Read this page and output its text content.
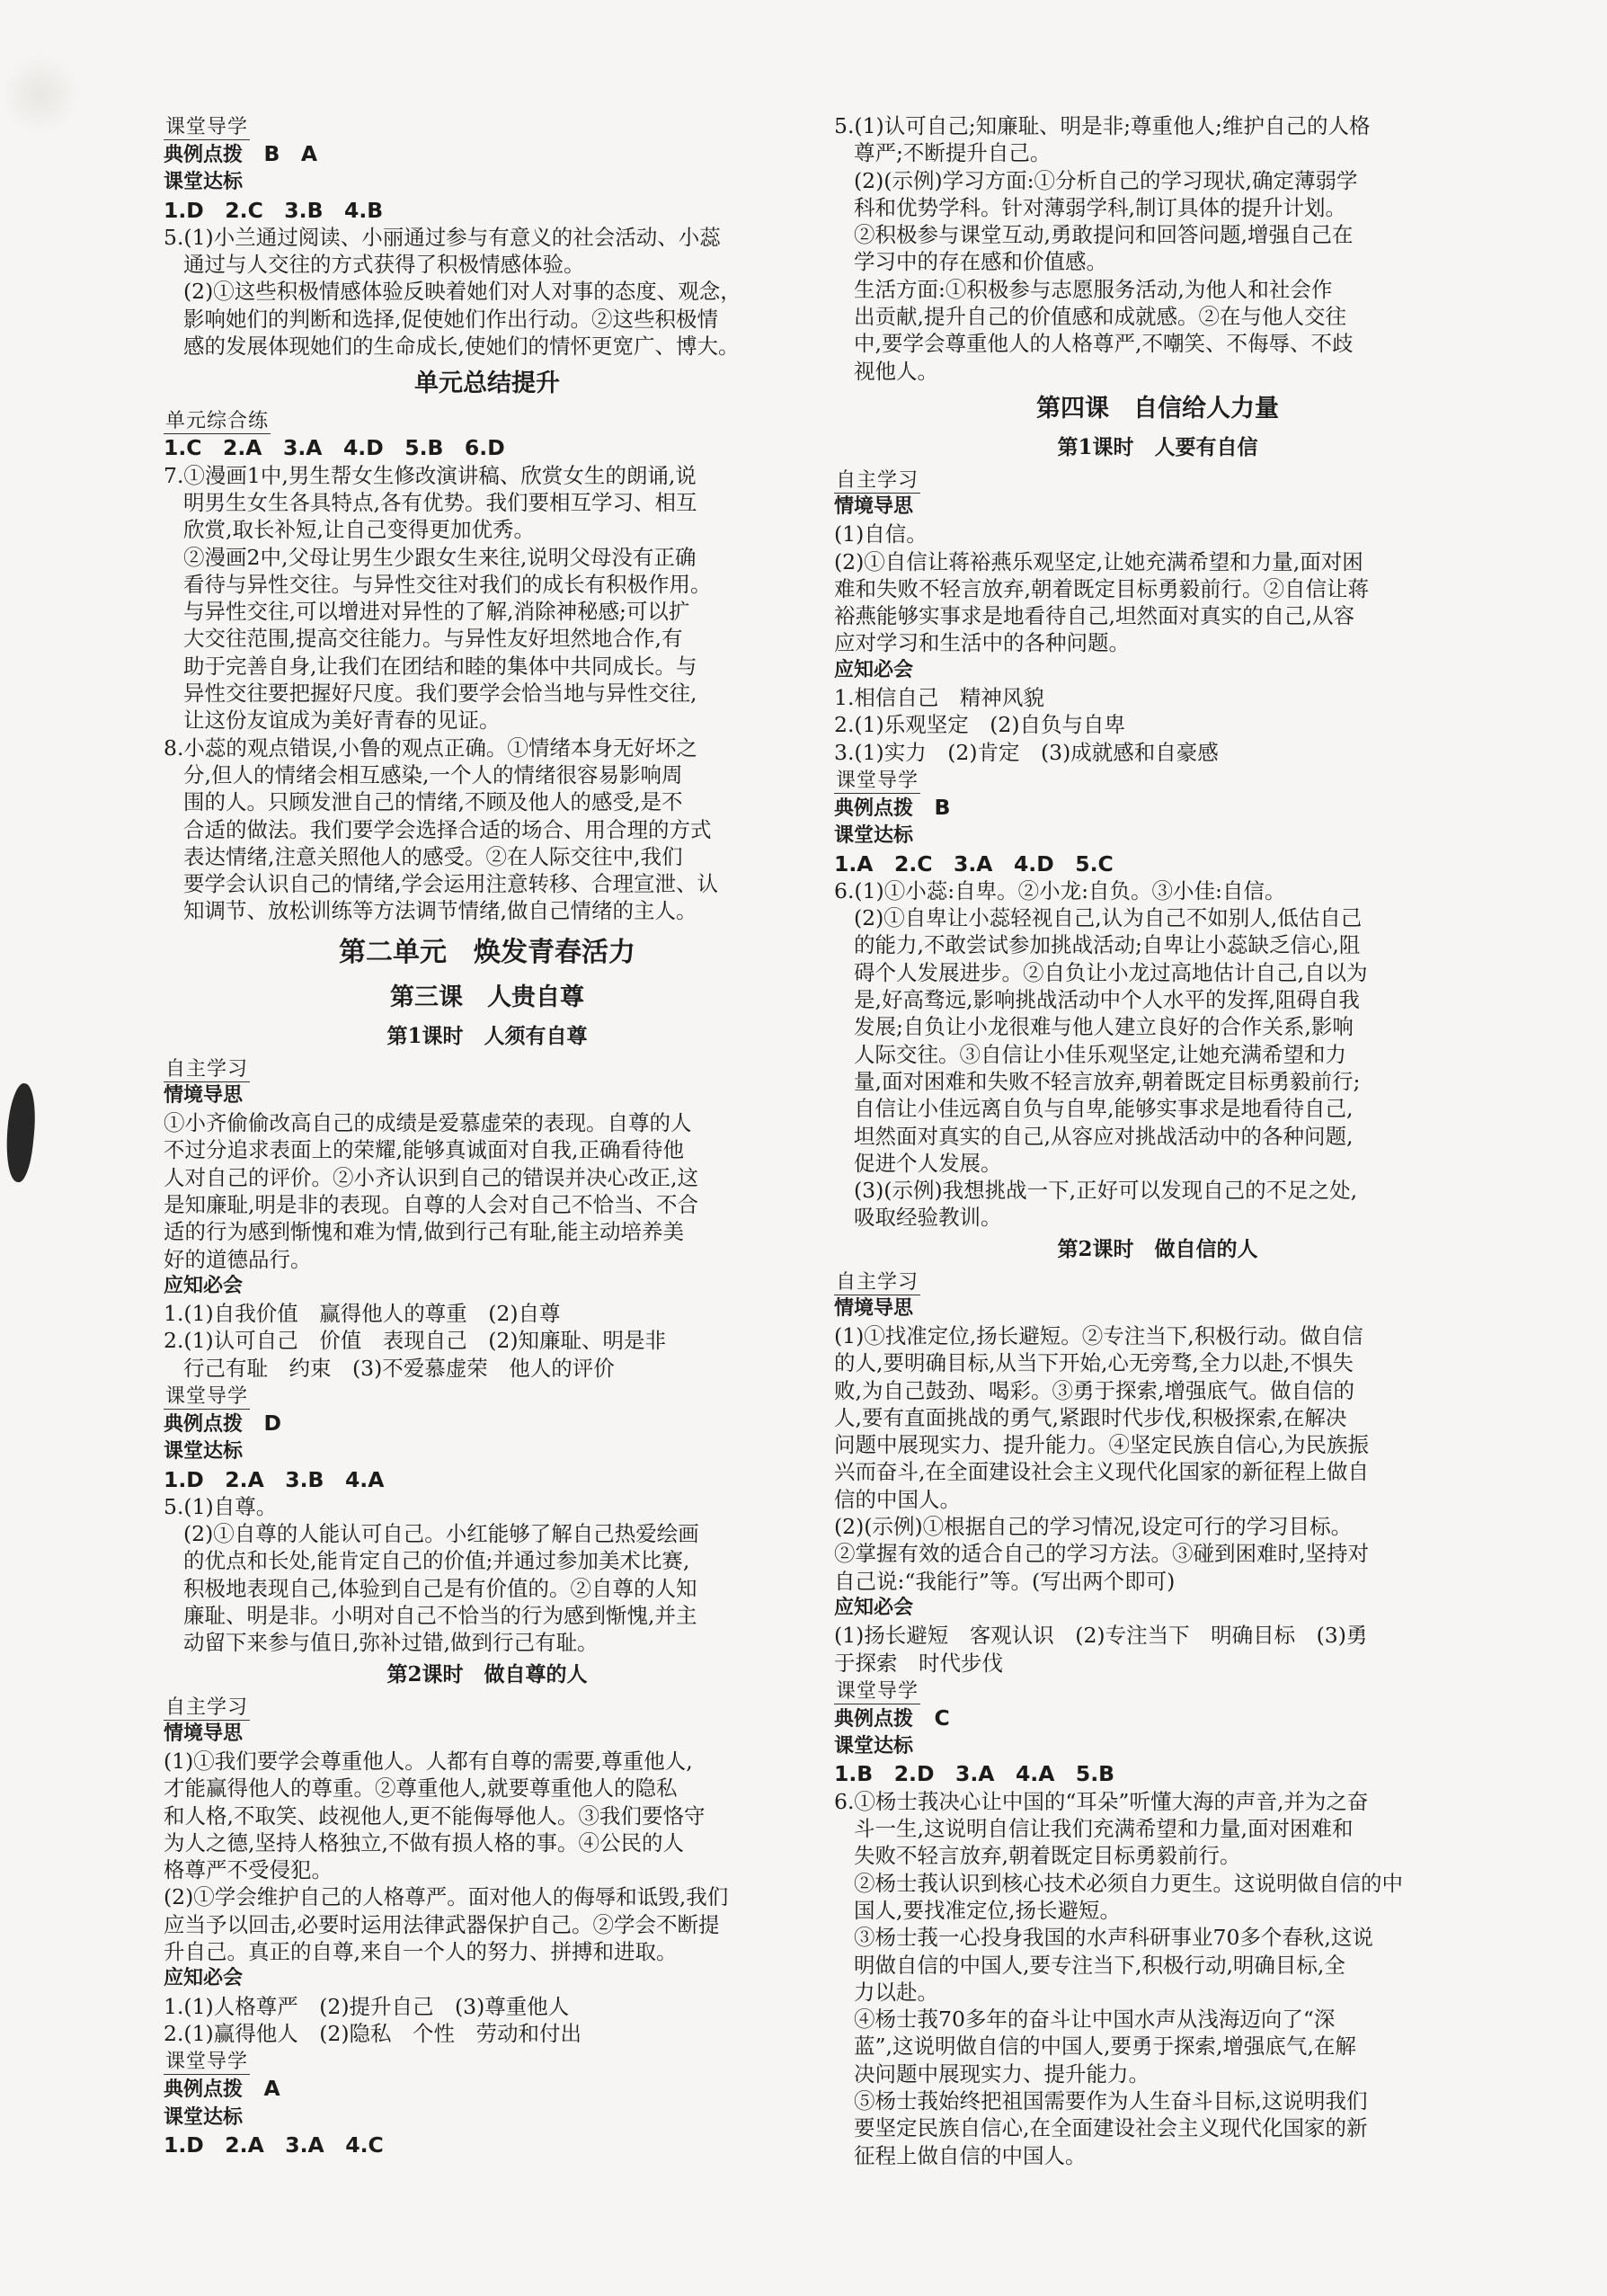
课堂导学
典例点拨　 B　A
课堂达标
1.D　2.C　3.B　4.B
5.(1)小兰通过阅读、小丽通过参与有意义的社会活动、小蕊
通过与人交往的方式获得了积极情感体验。
(2)①这些积极情感体验反映着她们对人对事的态度、观念，
影响她们的判断和选择,促使她们作出行动。②这些积极情
感的发展体现她们的生命成长,使她们的情怀更宽广、博大。
单元总结提升
单元综合练
1.C　2.A　3.A　4.D　5.B　6.D
7.①漫画1中,男生帮女生修改演讲稿、欣赏女生的朗诵,说
明男生女生各具特点,各有优势。我们要相互学习、相互
欣赏,取长补短,让自己变得更加优秀。
②漫画2中,父母让男生少跟女生来往,说明父母没有正确
看待与异性交往。与异性交往对我们的成长有积极作用。
与异性交往,可以增进对异性的了解,消除神秘感;可以扩
大交往范围,提高交往能力。与异性友好坦然地合作,有
助于完善自身,让我们在团结和睦的集体中共同成长。与
异性交往要把握好尺度。我们要学会恰当地与异性交往,
让这份友谊成为美好青春的见证。
8.小蕊的观点错误,小鲁的观点正确。①情绪本身无好坏之
分,但人的情绪会相互感染,一个人的情绪很容易影响周
围的人。只顾发泄自己的情绪,不顾及他人的感受,是不
合适的做法。我们要学会选择合适的场合、用合理的方式
表达情绪,注意关照他人的感受。②在人际交往中,我们
要学会认识自己的情绪,学会运用注意转移、合理宣泄、认
知调节、放松训练等方法调节情绪,做自己情绪的主人。
第二单元　焕发青春活力
第三课　人贵自尊
第1课时　人须有自尊
自主学习
情境导思
①小齐偷偷改高自己的成绩是爱慕虚荣的表现。自尊的人
不过分追求表面上的荣耀,能够真诚面对自我,正确看待他
人对自己的评价。②小齐认识到自己的错误并决心改正,这
是知廉耻,明是非的表现。自尊的人会对自己不恰当、不合
适的行为感到惭愧和难为情,做到行己有耻,能主动培养美
好的道德品行。
应知必会
1.(1)自我价值　赢得他人的尊重　(2)自尊
2.(1)认可自己　价值　表现自己　(2)知廉耻、明是非
行己有耻　约束　(3)不爱慕虚荣　他人的评价
课堂导学
典例点拨　 D
课堂达标
1.D　2.A　3.B　4.A
5.(1)自尊。
(2)①自尊的人能认可自己。小红能够了解自己热爱绘画
的优点和长处,能肯定自己的价值;并通过参加美术比赛,
积极地表现自己,体验到自己是有价值的。②自尊的人知
廉耻、明是非。小明对自己不恰当的行为感到惭愧,并主
动留下来参与值日,弥补过错,做到行己有耻。
第2课时　做自尊的人
自主学习
情境导思
(1)①我们要学会尊重他人。人都有自尊的需要,尊重他人,
才能赢得他人的尊重。②尊重他人,就要尊重他人的隐私
和人格,不取笑、歧视他人,更不能侮辱他人。③我们要恪守
为人之德,坚持人格独立,不做有损人格的事。④公民的人
格尊严不受侵犯。
(2)①学会维护自己的人格尊严。面对他人的侮辱和诋毁,我们
应当予以回击,必要时运用法律武器保护自己。②学会不断提
升自己。真正的自尊,来自一个人的努力、拼搏和进取。
应知必会
1.(1)人格尊严　(2)提升自己　(3)尊重他人
2.(1)赢得他人　(2)隐私　个性　劳动和付出
课堂导学
典例点拨　 A
课堂达标
1.D　2.A　3.A　4.C
5.(1)认可自己;知廉耻、明是非;尊重他人;维护自己的人格
尊严;不断提升自己。
(2)(示例)学习方面:①分析自己的学习现状,确定薄弱学
科和优势学科。针对薄弱学科,制订具体的提升计划。
②积极参与课堂互动,勇敢提问和回答问题,增强自己在
学习中的存在感和价值感。
生活方面:①积极参与志愿服务活动,为他人和社会作
出贡献,提升自己的价值感和成就感。②在与他人交往
中,要学会尊重他人的人格尊严,不嘲笑、不侮辱、不歧
视他人。
第四课　自信给人力量
第1课时　人要有自信
自主学习
情境导思
(1)自信。
(2)①自信让蒋裕燕乐观坚定,让她充满希望和力量,面对困
难和失败不轻言放弃,朝着既定目标勇毅前行。②自信让蒋
裕燕能够实事求是地看待自己,坦然面对真实的自己,从容
应对学习和生活中的各种问题。
应知必会
1.相信自己　精神风貌
2.(1)乐观坚定　(2)自负与自卑
3.(1)实力　(2)肯定　(3)成就感和自豪感
课堂导学
典例点拨　 B
课堂达标
1.A　2.C　3.A　4.D　5.C
6.(1)①小蕊:自卑。②小龙:自负。③小佳:自信。
(2)①自卑让小蕊轻视自己,认为自己不如别人,低估自己
的能力,不敢尝试参加挑战活动;自卑让小蕊缺乏信心,阻
碍个人发展进步。②自负让小龙过高地估计自己,自以为
是,好高骛远,影响挑战活动中个人水平的发挥,阻碍自我
发展;自负让小龙很难与他人建立良好的合作关系,影响
人际交往。③自信让小佳乐观坚定,让她充满希望和力
量,面对困难和失败不轻言放弃,朝着既定目标勇毅前行;
自信让小佳远离自负与自卑,能够实事求是地看待自己,
坦然面对真实的自己,从容应对挑战活动中的各种问题,
促进个人发展。
(3)(示例)我想挑战一下,正好可以发现自己的不足之处,
吸取经验教训。
第2课时　做自信的人
自主学习
情境导思
(1)①找准定位,扬长避短。②专注当下,积极行动。做自信
的人,要明确目标,从当下开始,心无旁骛,全力以赴,不惧失
败,为自己鼓劲、喝彩。③勇于探索,增强底气。做自信的
人,要有直面挑战的勇气,紧跟时代步伐,积极探索,在解决
问题中展现实力、提升能力。④坚定民族自信心,为民族振
兴而奋斗,在全面建设社会主义现代化国家的新征程上做自
信的中国人。
(2)(示例)①根据自己的学习情况,设定可行的学习目标。
②掌握有效的适合自己的学习方法。③碰到困难时,坚持对
自己说:“我能行”等。(写出两个即可)
应知必会
(1)扬长避短　客观认识　(2)专注当下　明确目标　(3)勇
于探索　时代步伐
课堂导学
典例点拨　 C
课堂达标
1.B　2.D　3.A　4.A　5.B
6.①杨士莪决心让中国的“耳朵”听懂大海的声音,并为之奋
斗一生,这说明自信让我们充满希望和力量,面对困难和
失败不轻言放弃,朝着既定目标勇毅前行。
②杨士莪认识到核心技术必须自力更生。这说明做自信的中
国人,要找准定位,扬长避短。
③杨士莪一心投身我国的水声科研事业70多个春秋,这说
明做自信的中国人,要专注当下,积极行动,明确目标,全
力以赴。
④杨士莪70多年的奋斗让中国水声从浅海迈向了“深
蓝”,这说明做自信的中国人,要勇于探索,增强底气,在解
决问题中展现实力、提升能力。
⑤杨士莪始终把祖国需要作为人生奋斗目标,这说明我们
要坚定民族自信心,在全面建设社会主义现代化国家的新
征程上做自信的中国人。
